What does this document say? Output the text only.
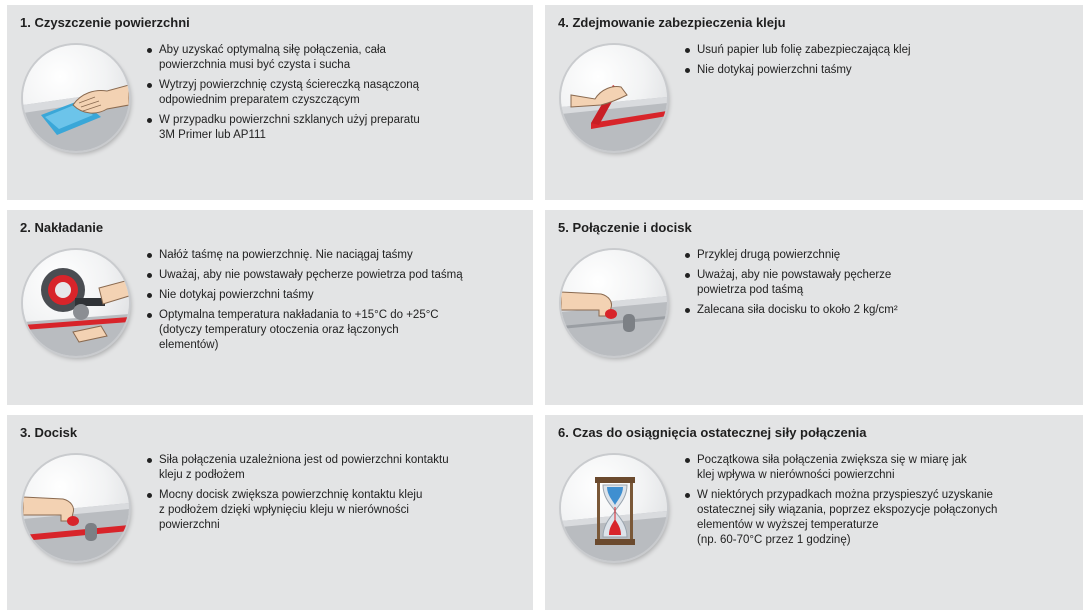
1. Czyszczenie powierzchni
Aby uzyskać optymalną siłę połączenia, cała
powierzchnia musi być czysta i sucha
Wytrzyj powierzchnię czystą ściereczką nasączoną
odpowiednim preparatem czyszczącym
W przypadku powierzchni szklanych użyj preparatu
3M Primer lub AP111
4. Zdejmowanie zabezpieczenia kleju
Usuń papier lub folię zabezpieczającą klej
Nie dotykaj powierzchni taśmy
2. Nakładanie
Nałóż taśmę na powierzchnię. Nie naciągaj taśmy
Uważaj, aby nie powstawały pęcherze powietrza pod taśmą
Nie dotykaj powierzchni taśmy
Optymalna temperatura nakładania to +15°C do +25°C
(dotyczy temperatury otoczenia oraz łączonych
elementów)
5. Połączenie i docisk
Przyklej drugą powierzchnię
Uważaj, aby nie powstawały pęcherze
powietrza pod taśmą
Zalecana siła docisku to około 2 kg/cm²
3. Docisk
Siła połączenia uzależniona jest od powierzchni kontaktu
kleju z podłożem
Mocny docisk zwiększa powierzchnię kontaktu kleju
z podłożem dzięki wpłynięciu kleju w nierówności
powierzchni
6. Czas do osiągnięcia ostatecznej siły połączenia
Początkowa siła połączenia zwiększa się w miarę jak
klej wpływa w nierówności powierzchni
W niektórych przypadkach można przyspieszyć uzyskanie
ostatecznej siły wiązania, poprzez ekspozycje połączonych
elementów w wyższej temperaturze
(np. 60-70°C przez 1 godzinę)
